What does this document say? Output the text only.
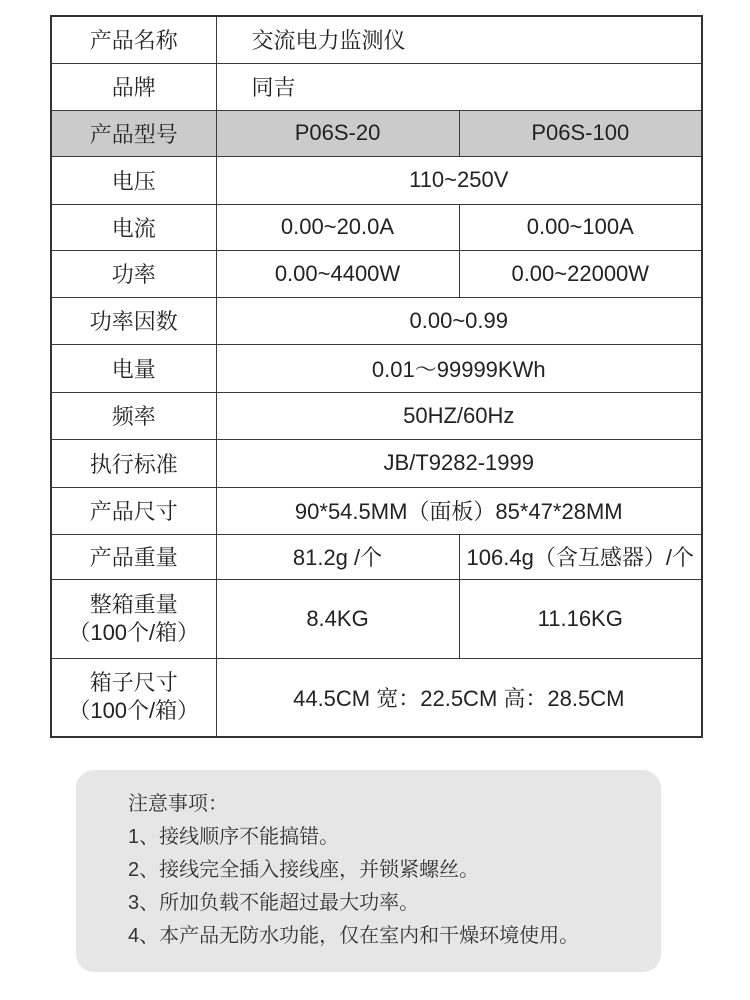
产品名称	交流电力监测仪	
品牌	同吉	
产品型号	P06S-20	P06S-100
电压	110~250V	
电流	0.00~20.0A	0.00~100A
功率	0.00~4400W	0.00~22000W
功率因数	0.00~0.99	
电量	0.01～99999KWh	
频率	50HZ/60Hz	
执行标准	JB/T9282-1999	
产品尺寸	90*54.5MM（面板）85*47*28MM	
产品重量	81.2g /个	106.4g（含互感器）/个

整箱重量
（100个/箱）	8.4KG	11.16KG

箱子尺寸
（100个/箱）	44.5CM 宽：22.5CM 高：28.5CM	
注意事项：
1、接线顺序不能搞错。
2、接线完全插入接线座，并锁紧螺丝。
3、所加负载不能超过最大功率。
4、本产品无防水功能，仅在室内和干燥环境使用。
